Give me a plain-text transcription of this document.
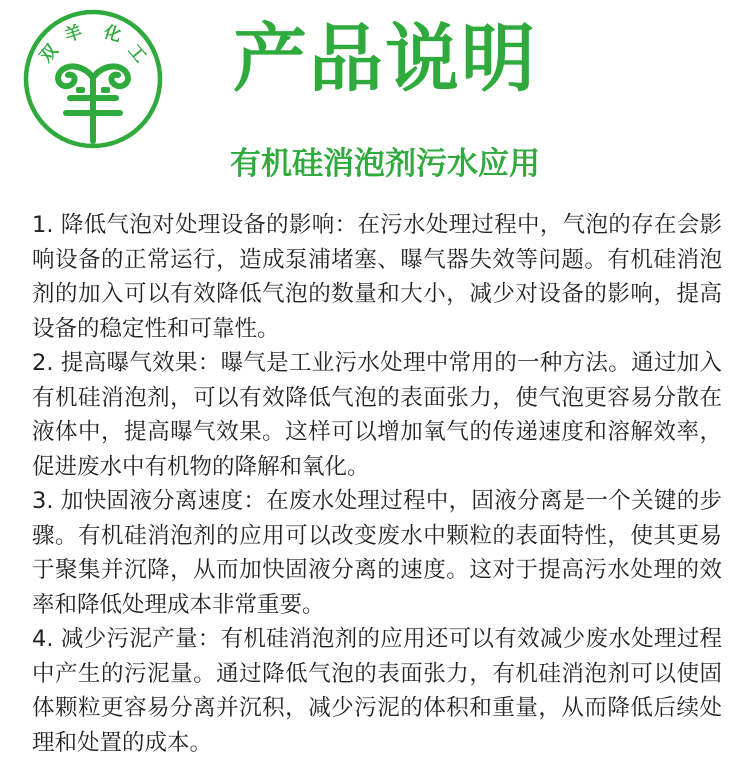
双
羊 化
工 产品说明
有机硅消泡剂污水应用

1. 降低气泡对处理设备的影响：在污水处理过程中，气泡的存在会影响设备的正常运行，造成泵浦堵塞、曝气器失效等问题。有机硅消泡剂的加入可以有效降低气泡的数量和大小，减少对设备的影响，提高设备的稳定性和可靠性。

2. 提高曝气效果：曝气是工业污水处理中常用的一种方法。通过加入有机硅消泡剂，可以有效降低气泡的表面张力，使气泡更容易分散在液体中，提高曝气效果。这样可以增加氧气的传递速度和溶解效率，促进废水中有机物的降解和氧化。

3. 加快固液分离速度：在废水处理过程中，固液分离是一个关键的步骤。有机硅消泡剂的应用可以改变废水中颗粒的表面特性，使其更易于聚集并沉降，从而加快固液分离的速度。这对于提高污水处理的效率和降低处理成本非常重要。

4. 减少污泥产量：有机硅消泡剂的应用还可以有效减少废水处理过程中产生的污泥量。通过降低气泡的表面张力，有机硅消泡剂可以使固体颗粒更容易分离并沉积，减少污泥的体积和重量，从而降低后续处理和处置的成本。
